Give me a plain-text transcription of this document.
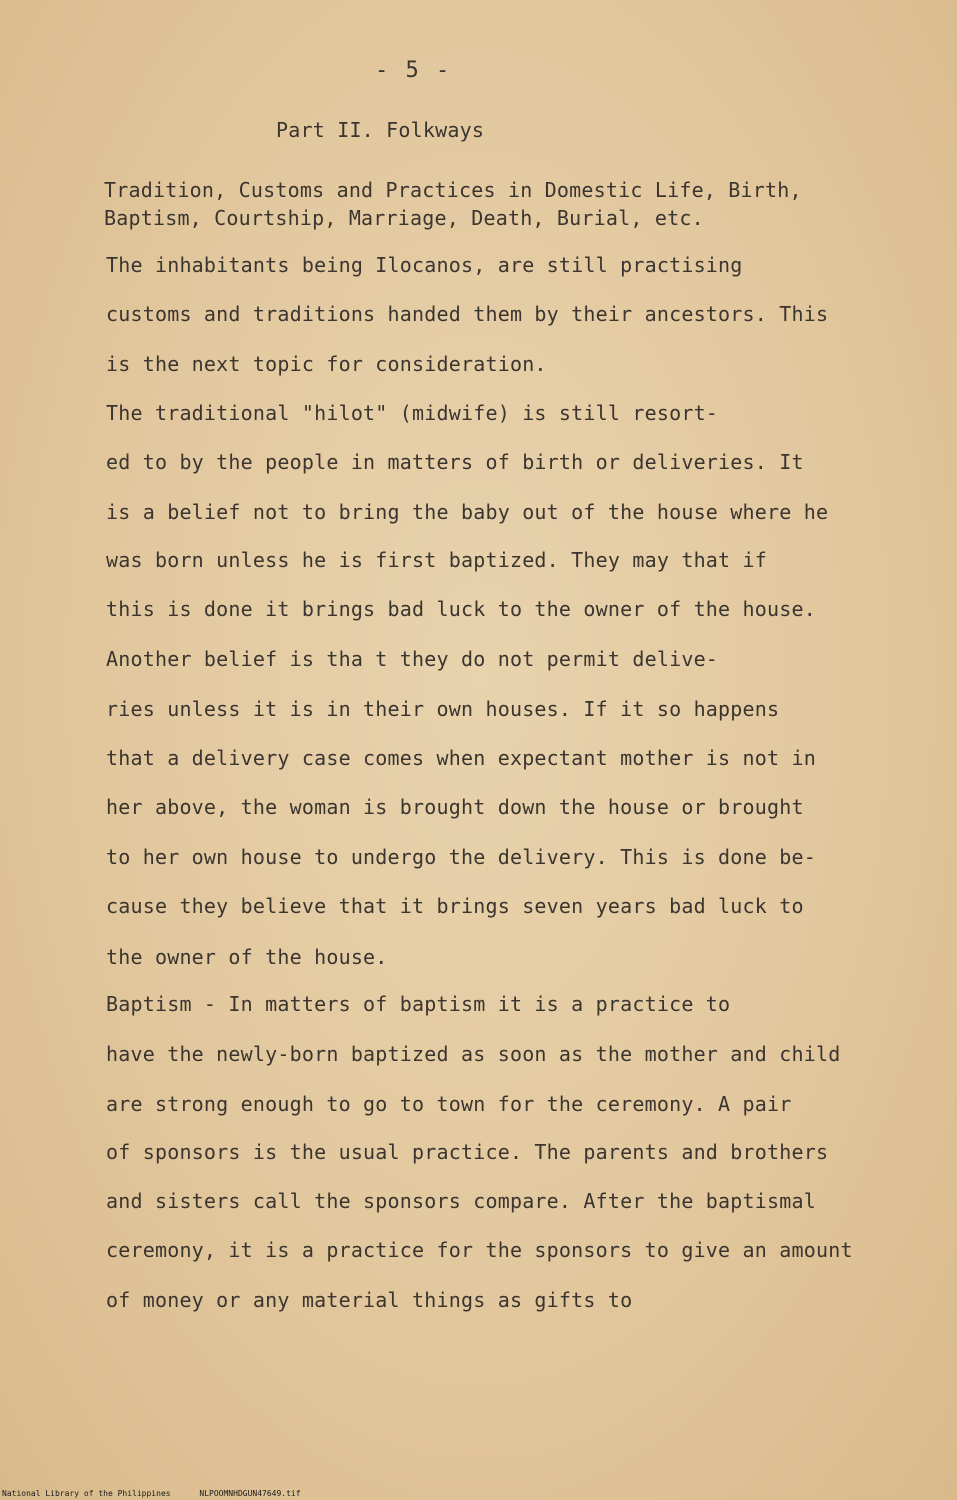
- 5 -
Part II. Folkways
Tradition, Customs and Practices in Domestic Life, Birth,
Baptism, Courtship, Marriage, Death, Burial, etc.
The inhabitants being Ilocanos, are still practising
customs and traditions handed them by their ancestors. This
is the next topic for consideration.
The traditional "hilot" (midwife) is still resort-
ed to by the people in matters of birth or deliveries. It
is a belief not to bring the baby out of the house where he
was born unless he is first baptized. They may that if
this is done it brings bad luck to the owner of the house.
Another belief is tha t they do not permit delive-
ries unless it is in their own houses. If it so happens
that a delivery case comes when expectant mother is not in
her above, the woman is brought down the house or brought
to her own house to undergo the delivery. This is done be-
cause they believe that it brings seven years bad luck to
the owner of the house.
Baptism - In matters of baptism it is a practice to
have the newly-born baptized as soon as the mother and child
are strong enough to go to town for the ceremony. A pair
of sponsors is the usual practice. The parents and brothers
and sisters call the sponsors compare. After the baptismal
ceremony, it is a practice for the sponsors to give an amount
of money or any material things as gifts to
National Library of the Philippines	NLPOOMNHDGUN47649.tif
